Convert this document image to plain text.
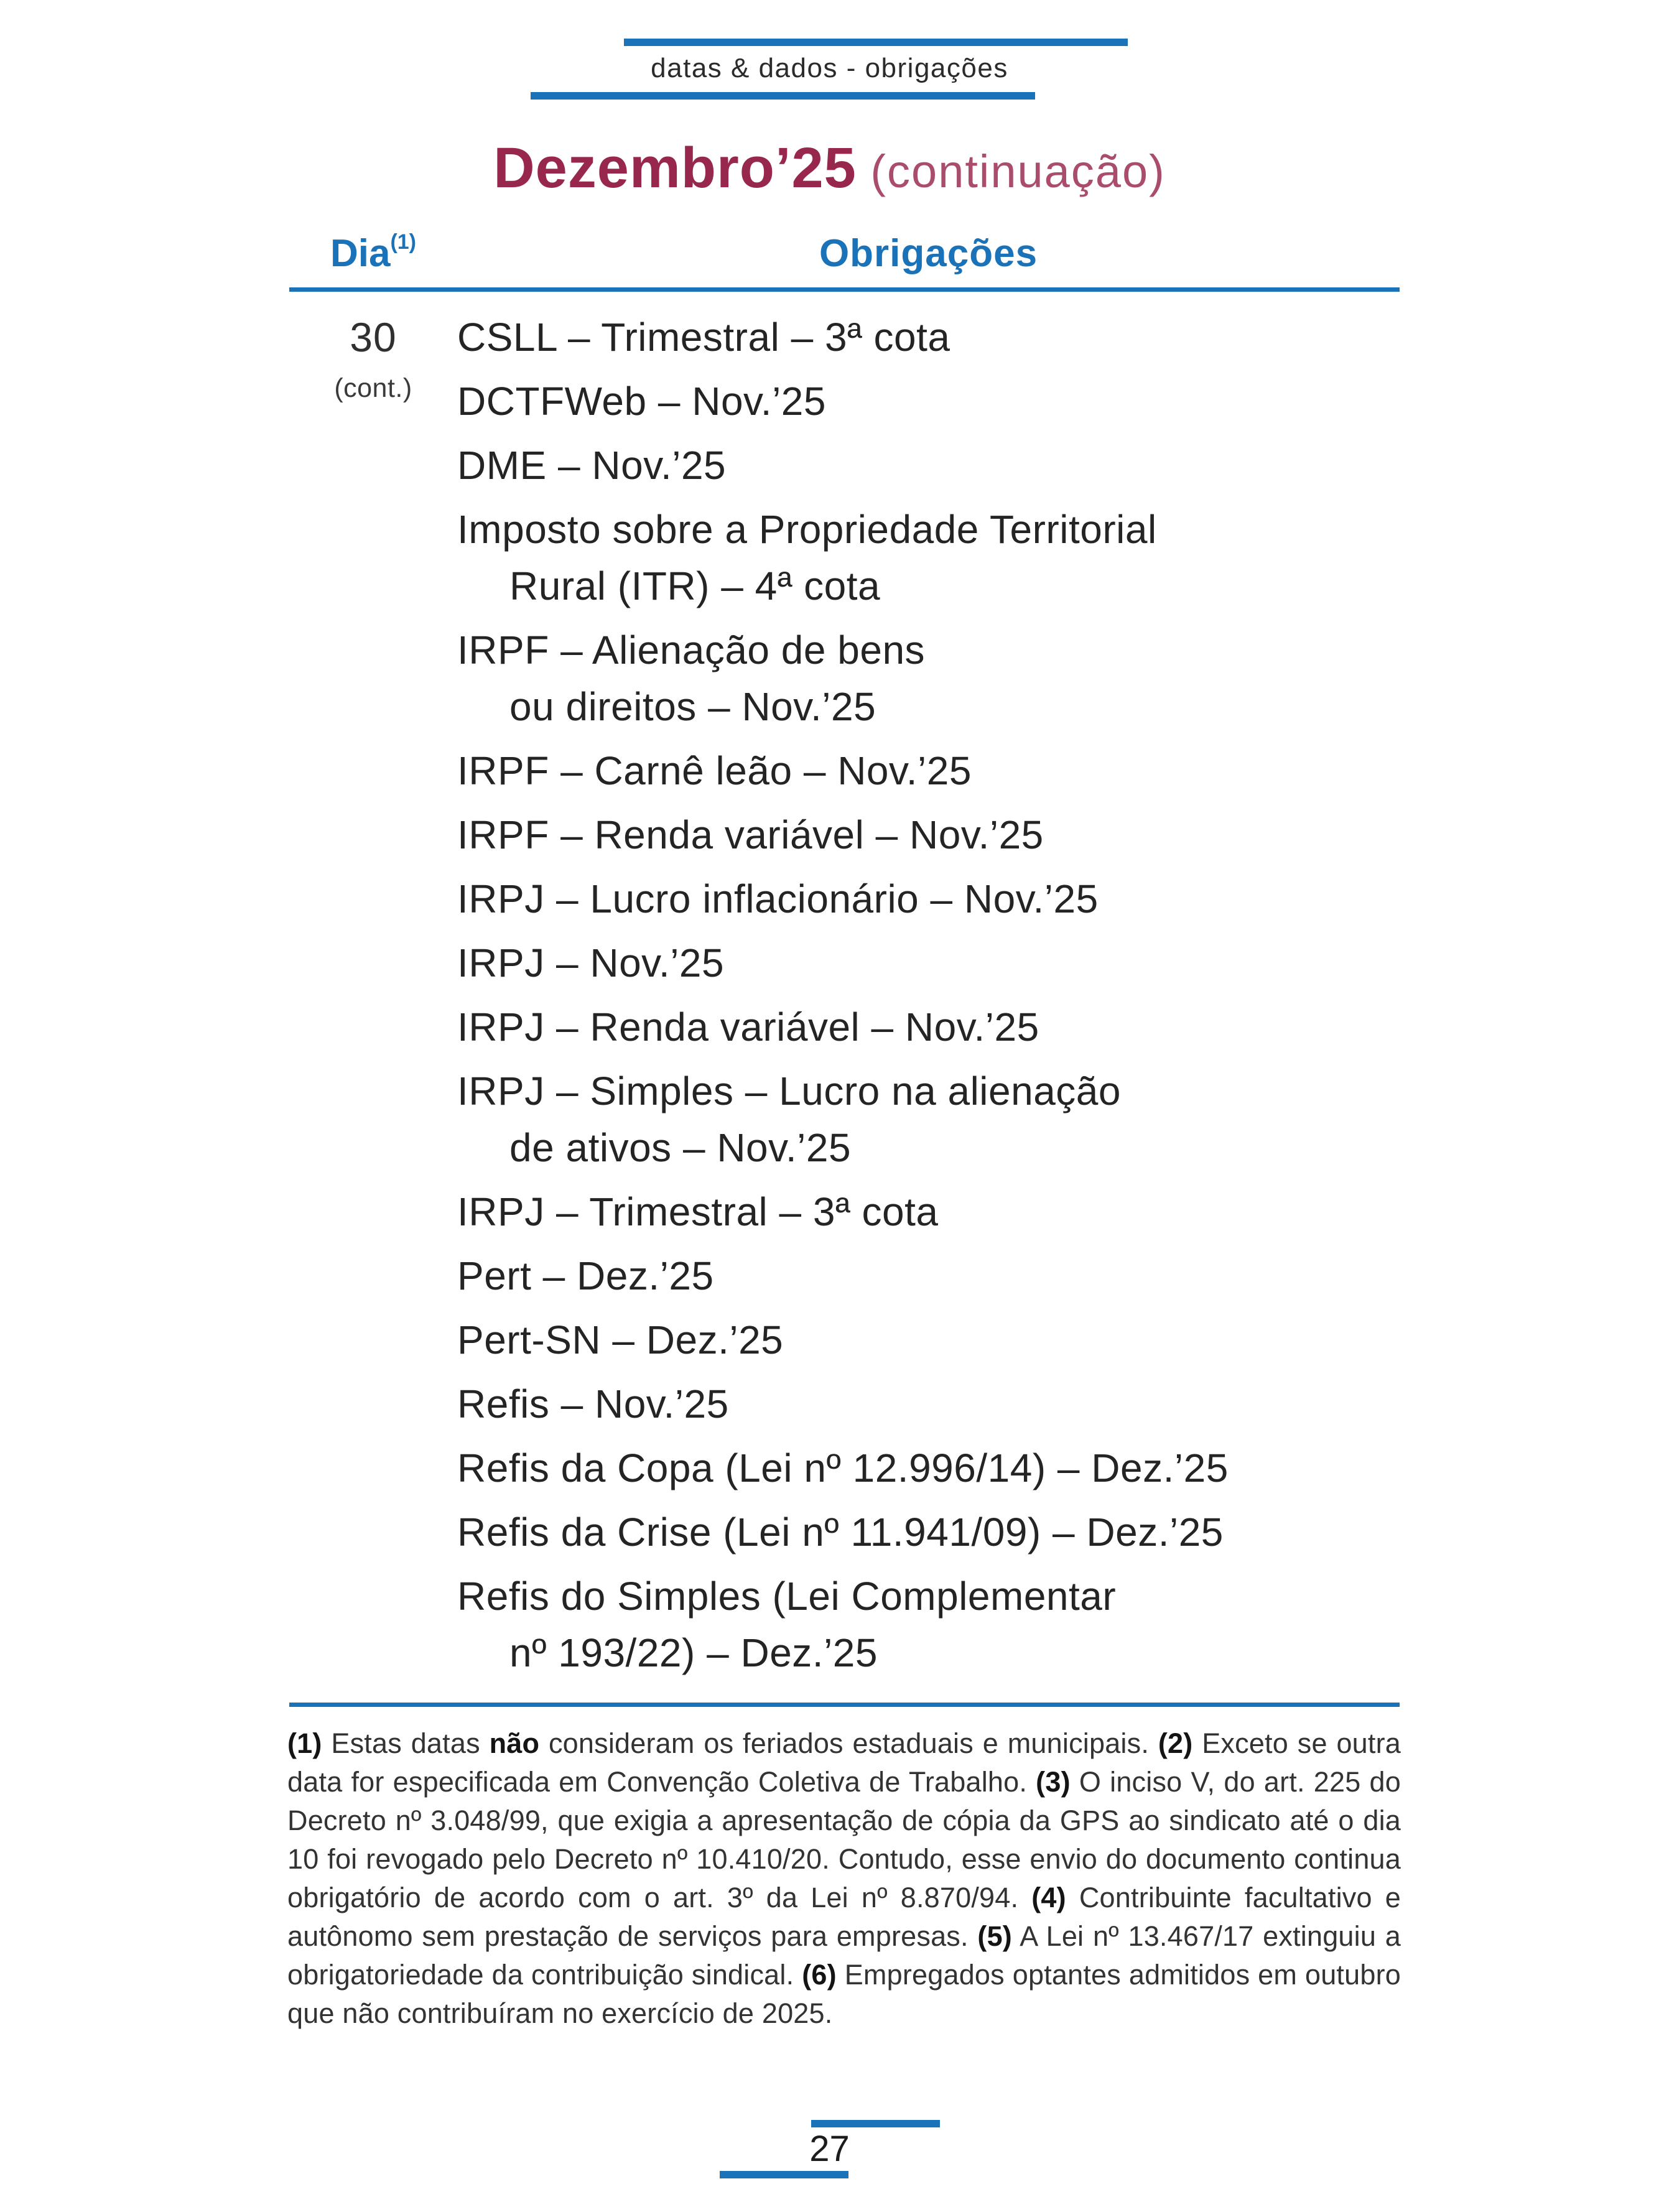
datas & dados - obrigações
Dezembro’25 (continuação)
Dia$^{(1)}$	Obrigações
30
(cont.)
CSLL – Trimestral – 3ª cota
DCTFWeb – Nov.’25
DME – Nov.’25
Imposto sobre a Propriedade Territorial
Rural (ITR) – 4ª cota
IRPF – Alienação de bens
ou direitos – Nov.’25
IRPF – Carnê leão – Nov.’25
IRPF – Renda variável – Nov.’25
IRPJ – Lucro inflacionário – Nov.’25
IRPJ – Nov.’25
IRPJ – Renda variável – Nov.’25
IRPJ – Simples – Lucro na alienação
de ativos – Nov.’25
IRPJ – Trimestral – 3ª cota
Pert – Dez.’25
Pert-SN – Dez.’25
Refis – Nov.’25
Refis da Copa (Lei nº 12.996/14) – Dez.’25
Refis da Crise (Lei nº 11.941/09) – Dez.’25
Refis do Simples (Lei Complementar
nº 193/22) – Dez.’25

(1) Estas datas não consideram os feriados estaduais e municipais. (2) Exceto se outra data for especificada em Convenção Coletiva de Trabalho. (3) O inciso V, do art. 225 do Decreto nº 3.048/99, que exigia a apresentação de cópia da GPS ao sindicato até o dia 10 foi revogado pelo Decreto nº 10.410/20. Contudo, esse envio do documento continua obrigatório de acordo com o art. 3º da Lei nº 8.870/94. (4) Contribuinte facultativo e autônomo sem prestação de serviços para empresas. (5) A Lei nº 13.467/17 extinguiu a obrigatoriedade da contribuição sindical. (6) Empregados optantes admitidos em outubro que não contribuíram no exercício de 2025.

27
